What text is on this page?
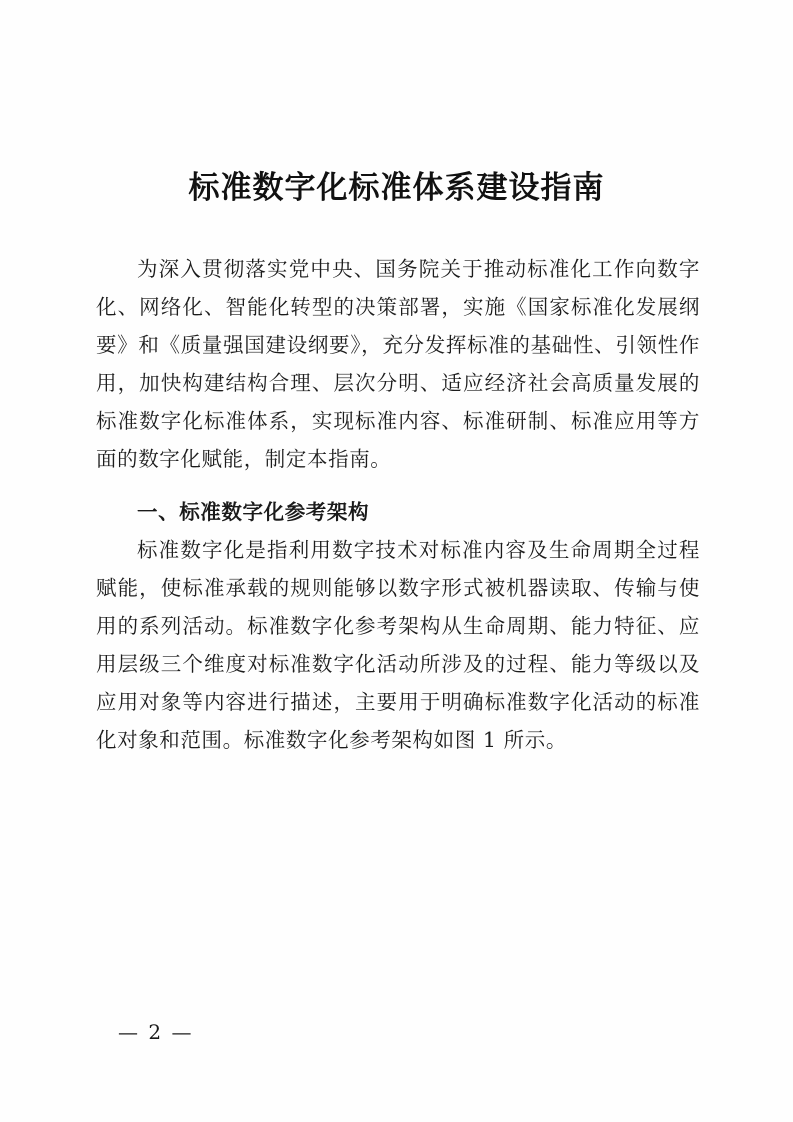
标准数字化标准体系建设指南

为深入贯彻落实党中央、国务院关于推动标准化工作向数字化、网络化、智能化转型的决策部署，实施《国家标准化发展纲要》和《质量强国建设纲要》，充分发挥标准的基础性、引领性作用，加快构建结构合理、层次分明、适应经济社会高质量发展的标准数字化标准体系，实现标准内容、标准研制、标准应用等方面的数字化赋能，制定本指南。

一、标准数字化参考架构

标准数字化是指利用数字技术对标准内容及生命周期全过程赋能，使标准承载的规则能够以数字形式被机器读取、传输与使用的系列活动。标准数字化参考架构从生命周期、能力特征、应用层级三个维度对标准数字化活动所涉及的过程、能力等级以及应用对象等内容进行描述，主要用于明确标准数字化活动的标准化对象和范围。标准数字化参考架构如图 1 所示。

— 2 —
